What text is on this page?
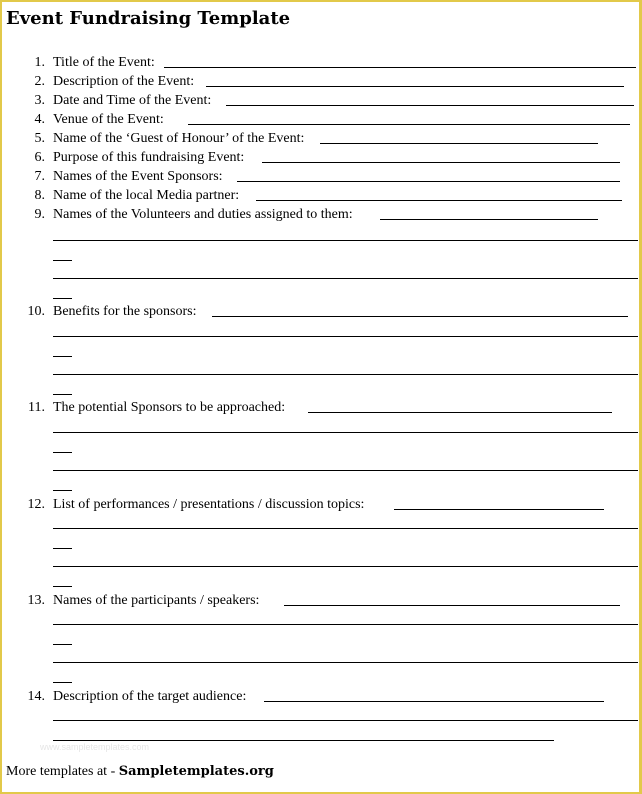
Event Fundraising Template
1. Title of the Event:
2. Description of the Event:
3. Date and Time of the Event:
4. Venue of the Event:
5. Name of the ‘Guest of Honour’ of the Event:
6. Purpose of this fundraising Event:
7. Names of the Event Sponsors:
8. Name of the local Media partner:
9. Names of the Volunteers and duties assigned to them:
10. Benefits for the sponsors:
11. The potential Sponsors to be approached:
12. List of performances / presentations / discussion topics:
13. Names of the participants / speakers:
14. Description of the target audience:
www.sampletemplates.com
More templates at - Sampletemplates.org
